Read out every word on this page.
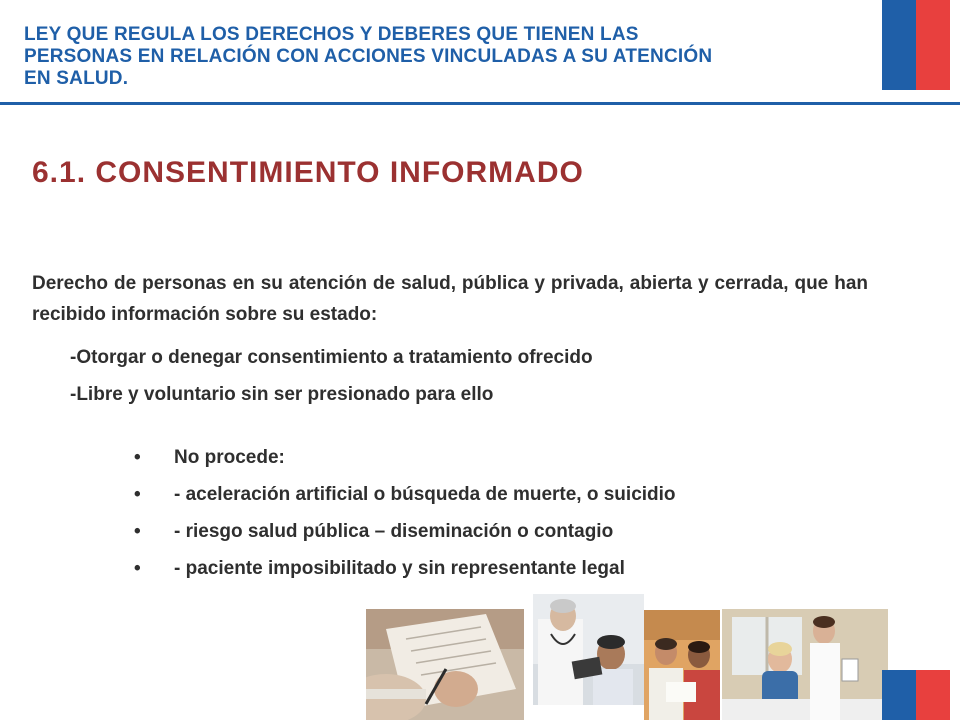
LEY QUE REGULA LOS DERECHOS Y DEBERES QUE TIENEN LAS PERSONAS EN RELACIÓN CON ACCIONES VINCULADAS A SU ATENCIÓN EN SALUD.
6.1. CONSENTIMIENTO INFORMADO

Derecho de personas en su atención de salud, pública y privada, abierta y cerrada, que han recibido información sobre su estado:

-Otorgar o denegar consentimiento a tratamiento ofrecido
-Libre y voluntario sin ser presionado para ello
• No procede:
• - aceleración artificial o búsqueda de muerte, o suicidio
• - riesgo salud pública – diseminación o contagio
• - paciente imposibilitado y sin representante legal
